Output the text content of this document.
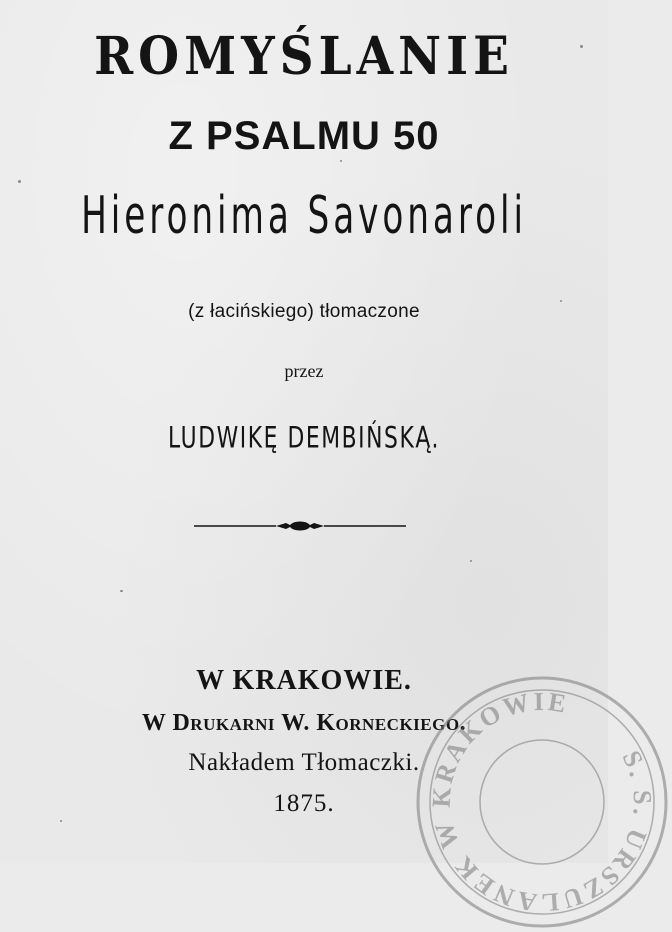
ROMYŚLANIE
Z PSALMU 50
Hieronima Savonaroli
(z łacińskiego) tłomaczone
przez
LUDWIKĘ DEMBIŃSKĄ.
W KRAKOWIE.
W Drukarni W. Korneckiego.
Nakładem Tłomaczki.
1875.
S. S. URSZULANEK W KRAKOWIE
